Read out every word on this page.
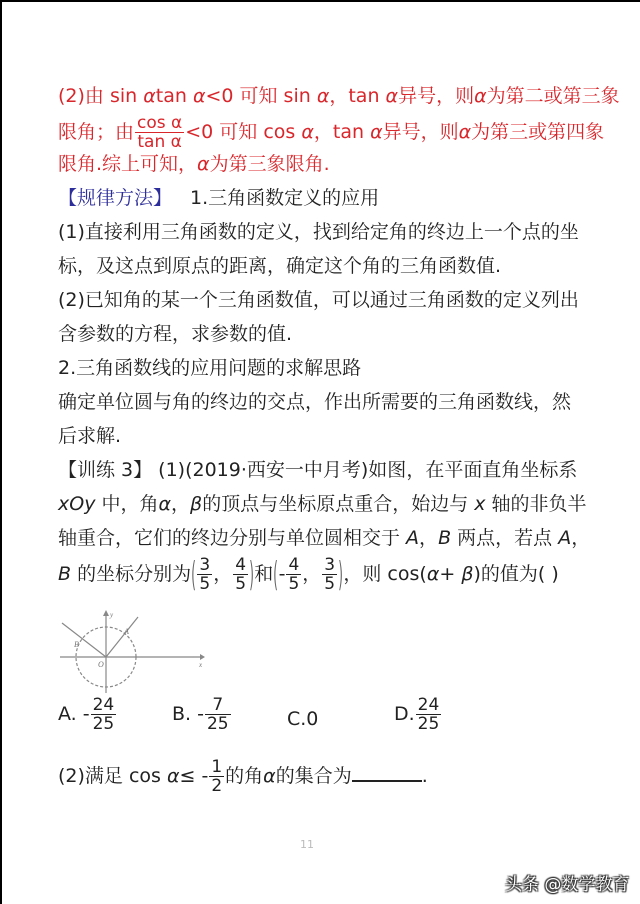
(2)由 sin αtan α<0 可知 sin α，tan α异号，则α为第二或第三象
限角；由 $\frac{\text{cos α}}{\text{tan α}} <0$ 可知 cos α，tan α异号，则α为第三或第四象
限角.综上可知，α为第三象限角.
【规律方法】 1.三角函数定义的应用
(1)直接利用三角函数的定义，找到给定角的终边上一个点的坐
标，及这点到原点的距离，确定这个角的三角函数值.
(2)已知角的某一个三角函数值，可以通过三角函数的定义列出
含参数的方程，求参数的值.
2.三角函数线的应用问题的求解思路
确定单位圆与角的终边的交点，作出所需要的三角函数线，然
后求解.
【训练 3】 (1)(2019·西安一中月考)如图，在平面直角坐标系
xOy 中，角α，β的顶点与坐标原点重合，始边与 x 轴的非负半
轴重合，它们的终边分别与单位圆相交于 A，B 两点，若点 A，
B 的坐标分别为( $\frac{3}{5}$ ， $\frac{4}{5}$ )和(- $\frac{4}{5}$ ， $\frac{3}{5}$ )，则 cos(α+ β)的值为( )
A
B
O
y
x
A. - $\frac{24}{25}$	B. - $\frac{7}{25}$	C.0	D. $\frac{24}{25}$
(2)满足 $\cos \alpha\le - \frac{1}{2}$ 的角α的集合为	.
11
头条 @数学教育
